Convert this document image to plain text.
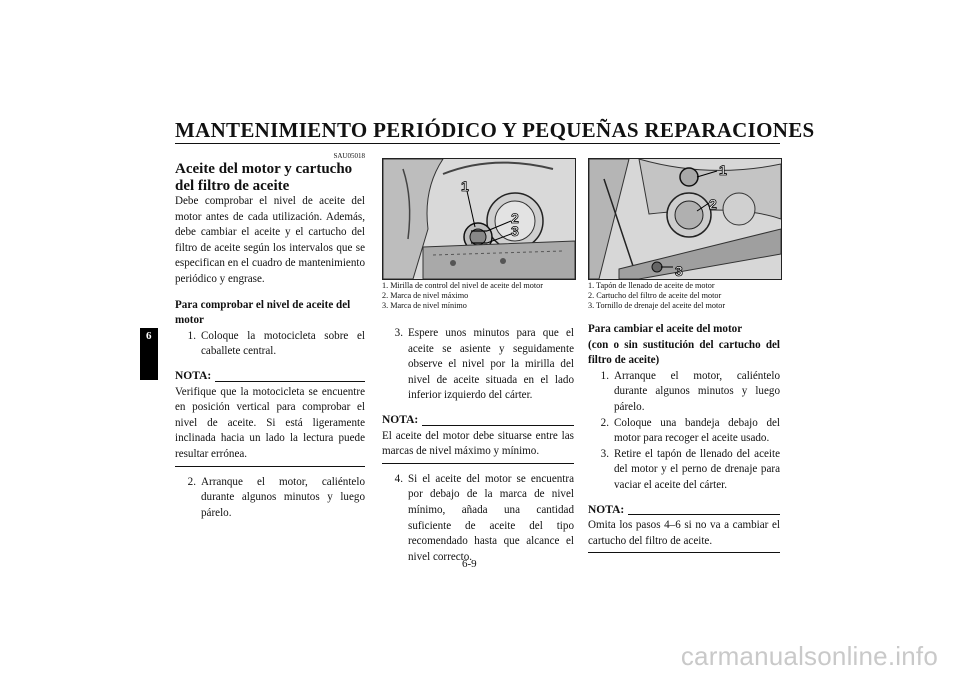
MANTENIMIENTO PERIÓDICO Y PEQUEÑAS REPARACIONES
6
SAU05018
Aceite del motor y cartucho del filtro de aceite

Debe comprobar el nivel de aceite del motor antes de cada utilización. Además, debe cambiar el aceite y el cartucho del filtro de aceite según los intervalos que se especifican en el cuadro de mantenimiento periódico y engrase.

Para comprobar el nivel de aceite del motor
1. Coloque la motocicleta sobre el caballete central.
NOTA:
Verifique que la motocicleta se encuentre en posición vertical para comprobar el nivel de aceite. Si está ligeramente inclinada hacia un lado la lectura puede resultar errónea.
2. Arranque el motor, caliéntelo durante algunos minutos y luego párelo.
1
2
3
1. Mirilla de control del nivel de aceite del motor
2. Marca de nivel máximo
3. Marca de nivel mínimo
3. Espere unos minutos para que el aceite se asiente y seguidamente observe el nivel por la mirilla del nivel de aceite situada en el lado inferior izquierdo del cárter.
NOTA:
El aceite del motor debe situarse entre las marcas de nivel máximo y mínimo.
4. Si el aceite del motor se encuentra por debajo de la marca de nivel mínimo, añada una cantidad suficiente de aceite del tipo recomendado hasta que alcance el nivel correcto.
1
2
3
1. Tapón de llenado de aceite de motor
2. Cartucho del filtro de aceite del motor
3. Tornillo de drenaje del aceite del motor
Para cambiar el aceite del motor
(con o sin sustitución del cartucho del filtro de aceite)
1. Arranque el motor, caliéntelo durante algunos minutos y luego párelo.
2. Coloque una bandeja debajo del motor para recoger el aceite usado.
3. Retire el tapón de llenado del aceite del motor y el perno de drenaje para vaciar el aceite del cárter.
NOTA:
Omita los pasos 4–6 si no va a cambiar el cartucho del filtro de aceite.
6-9
carmanualsonline.info
